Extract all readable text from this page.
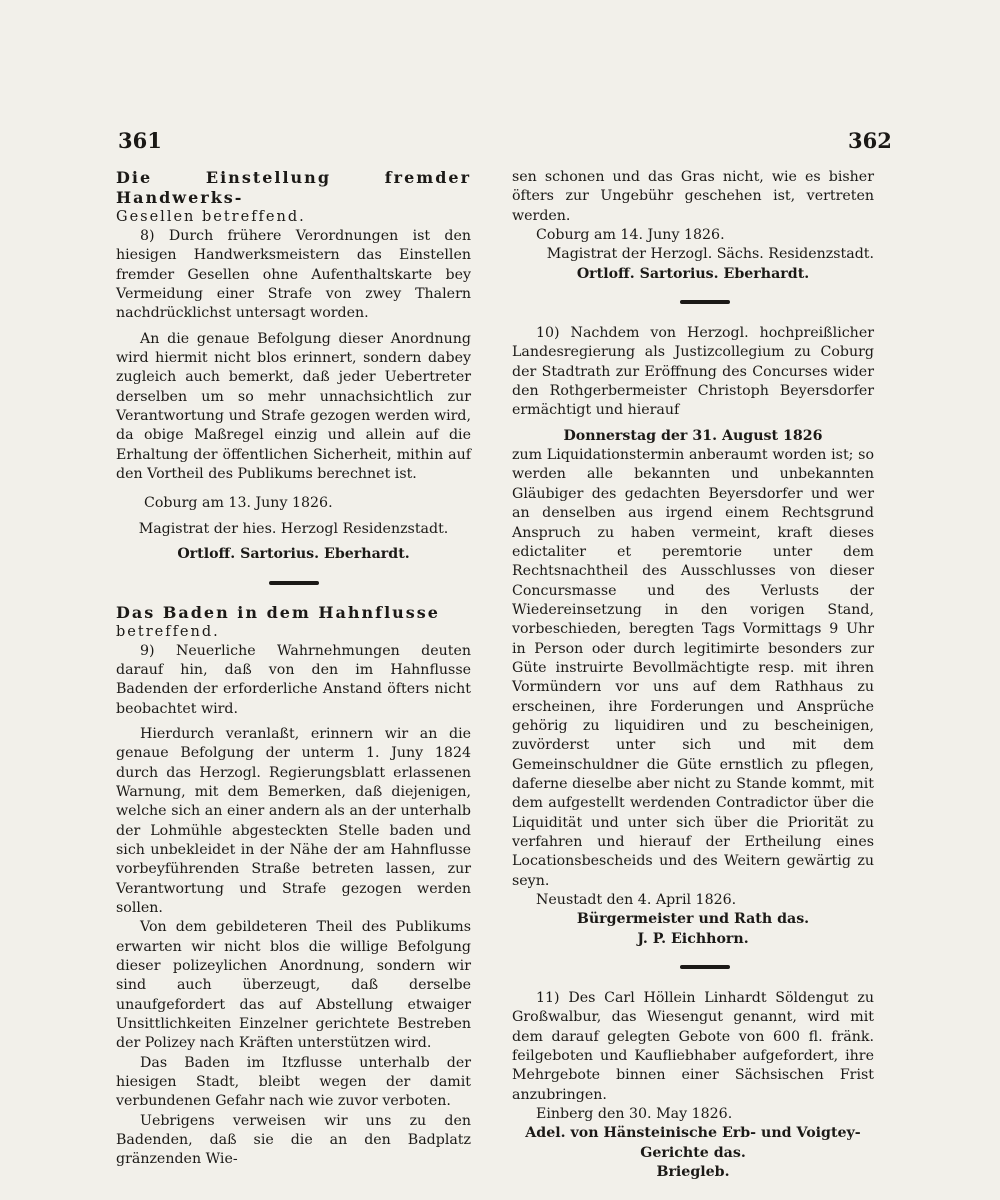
361	362

Die Einstellung fremder Handwerks-

Gesellen betreffend.

8) Durch frühere Verordnungen ist den hiesigen Handwerksmeistern das Einstellen fremder Gesellen ohne Aufenthaltskarte bey Vermeidung einer Strafe von zwey Thalern nachdrücklichst untersagt worden.

An die genaue Befolgung dieser Anordnung wird hiermit nicht blos erinnert, sondern dabey zugleich auch bemerkt, daß jeder Uebertreter derselben um so mehr unnachsichtlich zur Verantwortung und Strafe gezogen werden wird, da obige Maßregel einzig und allein auf die Erhaltung der öffentlichen Sicherheit, mithin auf den Vortheil des Publikums berechnet ist.

Coburg am 13. Juny 1826.

Magistrat der hies. Herzogl Residenzstadt.

Ortloff. Sartorius. Eberhardt.

Das Baden in dem Hahnflusse

betreffend.

9) Neuerliche Wahrnehmungen deuten darauf hin, daß von den im Hahnflusse Badenden der erforderliche Anstand öfters nicht beobachtet wird.

Hierdurch veranlaßt, erinnern wir an die genaue Befolgung der unterm 1. Juny 1824 durch das Herzogl. Regierungsblatt erlassenen Warnung, mit dem Bemerken, daß diejenigen, welche sich an einer andern als an der unterhalb der Lohmühle abgesteckten Stelle baden und sich unbekleidet in der Nähe der am Hahnflusse vorbeyführenden Straße betreten lassen, zur Verantwortung und Strafe gezogen werden sollen.

Von dem gebildeteren Theil des Publikums erwarten wir nicht blos die willige Befolgung dieser polizeylichen Anordnung, sondern wir sind auch überzeugt, daß derselbe unaufgefordert das auf Abstellung etwaiger Unsittlichkeiten Einzelner gerichtete Bestreben der Polizey nach Kräften unterstützen wird.

Das Baden im Itzflusse unterhalb der hiesigen Stadt, bleibt wegen der damit verbundenen Gefahr nach wie zuvor verboten.

Uebrigens verweisen wir uns zu den Badenden, daß sie die an den Badplatz gränzenden Wie-

sen schonen und das Gras nicht, wie es bisher öfters zur Ungebühr geschehen ist, vertreten werden.

Coburg am 14. Juny 1826.

Magistrat der Herzogl. Sächs. Residenzstadt.

Ortloff. Sartorius. Eberhardt.

10) Nachdem von Herzogl. hochpreißlicher Landesregierung als Justizcollegium zu Coburg der Stadtrath zur Eröffnung des Concurses wider den Rothgerbermeister Christoph Beyersdorfer ermächtigt und hierauf

Donnerstag der 31. August 1826

zum Liquidationstermin anberaumt worden ist; so werden alle bekannten und unbekannten Gläubiger des gedachten Beyersdorfer und wer an denselben aus irgend einem Rechtsgrund Anspruch zu haben vermeint, kraft dieses edictaliter et peremtorie unter dem Rechtsnachtheil des Ausschlusses von dieser Concursmasse und des Verlusts der Wiedereinsetzung in den vorigen Stand, vorbeschieden, beregten Tags Vormittags 9 Uhr in Person oder durch legitimirte besonders zur Güte instruirte Bevollmächtigte resp. mit ihren Vormündern vor uns auf dem Rathhaus zu erscheinen, ihre Forderungen und Ansprüche gehörig zu liquidiren und zu bescheinigen, zuvörderst unter sich und mit dem Gemeinschuldner die Güte ernstlich zu pflegen, daferne dieselbe aber nicht zu Stande kommt, mit dem aufgestellt werdenden Contradictor über die Liquidität und unter sich über die Priorität zu verfahren und hierauf der Ertheilung eines Locationsbescheids und des Weitern gewärtig zu seyn.

Neustadt den 4. April 1826.

Bürgermeister und Rath das.

J. P. Eichhorn.

11) Des Carl Höllein Linhardt Söldengut zu Großwalbur, das Wiesengut genannt, wird mit dem darauf gelegten Gebote von 600 fl. fränk. feilgeboten und Kaufliebhaber aufgefordert, ihre Mehrgebote binnen einer Sächsischen Frist anzubringen.

Einberg den 30. May 1826.

Adel. von Hänsteinische Erb- und Voigtey-

Gerichte das.

Briegleb.
